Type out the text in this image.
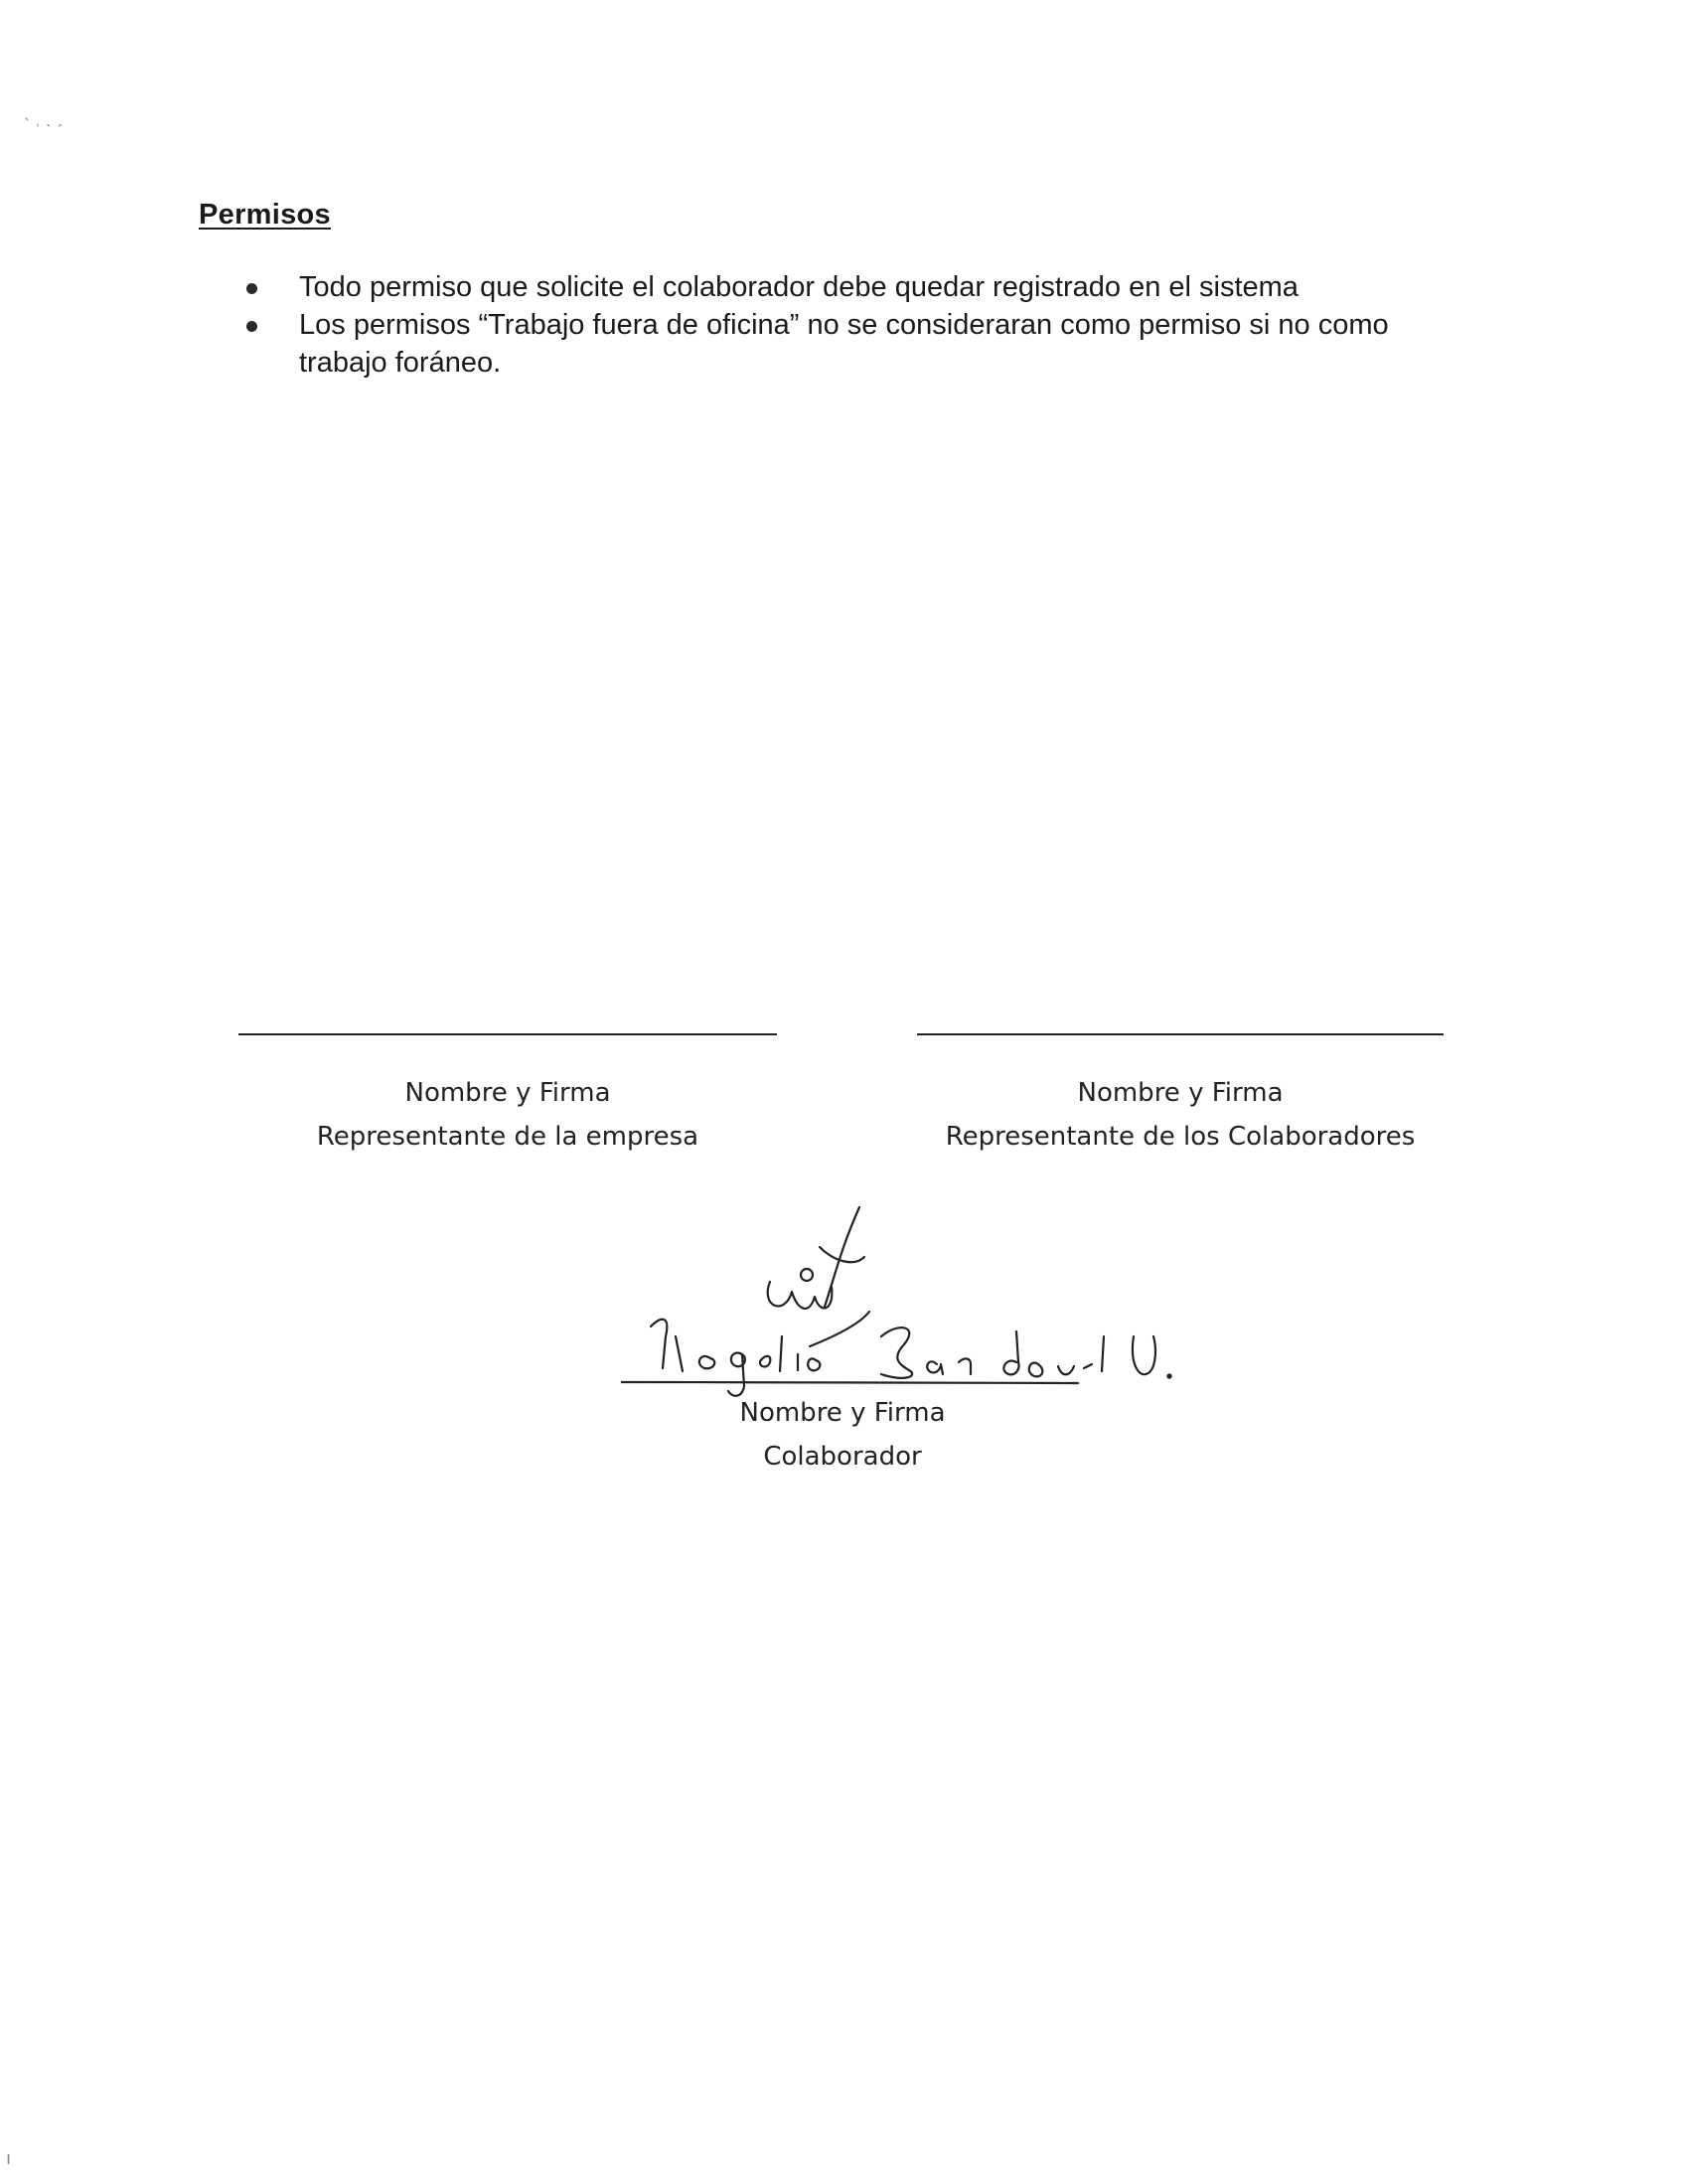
˴ ˌ ˎ ˏ
ı
Permisos
Todo permiso que solicite el colaborador debe quedar registrado en el sistema
Los permisos “Trabajo fuera de oficina” no se consideraran como permiso si no como trabajo foráneo.
Nombre y Firma
Representante de la empresa
Nombre y Firma
Representante de los Colaboradores
Nombre y Firma
Colaborador
